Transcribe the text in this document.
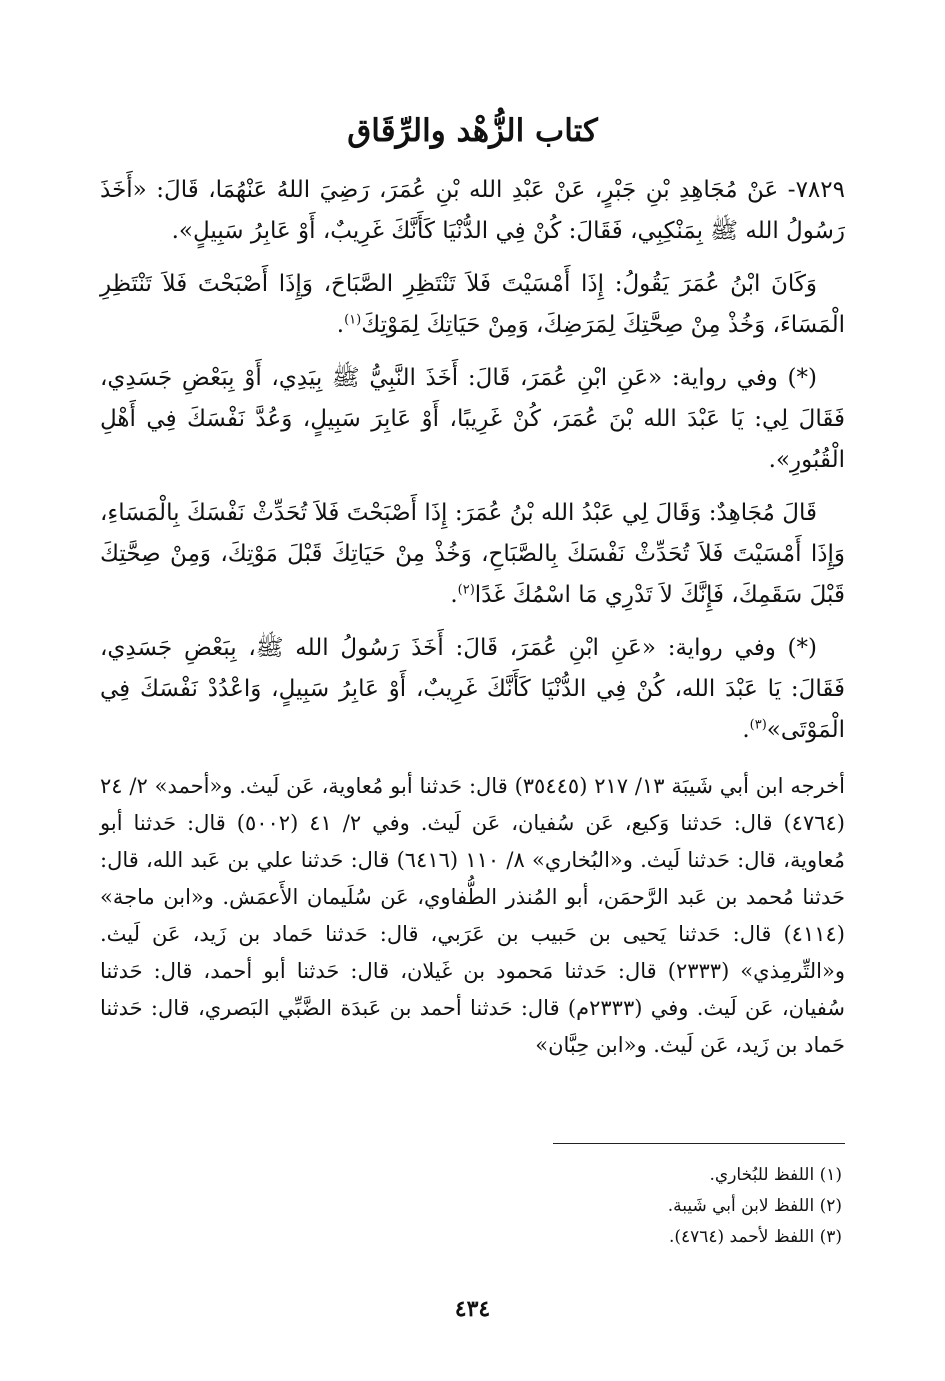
كتاب الزُّهْد والرِّقَاق

٧٨٢٩- عَنْ مُجَاهِدِ بْنِ جَبْرٍ، عَنْ عَبْدِ الله بْنِ عُمَرَ، رَضِيَ اللهُ عَنْهُمَا، قَالَ: «أَخَذَ رَسُولُ الله ﷺ بِمَنْكِبِي، فَقَالَ: كُنْ فِي الدُّنْيَا كَأَنَّكَ غَرِيبٌ، أَوْ عَابِرُ سَبِيلٍ».

وَكَانَ ابْنُ عُمَرَ يَقُولُ: إِذَا أَمْسَيْتَ فَلاَ تَنْتَظِرِ الصَّبَاحَ، وَإِذَا أَصْبَحْتَ فَلاَ تَنْتَظِرِ الْمَسَاءَ، وَخُذْ مِنْ صِحَّتِكَ لِمَرَضِكَ، وَمِنْ حَيَاتِكَ لِمَوْتِكَ$^{(١)}$.

(*) وفي رواية: «عَنِ ابْنِ عُمَرَ، قَالَ: أَخَذَ النَّبِيُّ ﷺ بِيَدِي، أَوْ بِبَعْضِ جَسَدِي، فَقَالَ لِي: يَا عَبْدَ الله بْنَ عُمَرَ، كُنْ غَرِيبًا، أَوْ عَابِرَ سَبِيلٍ، وَعُدَّ نَفْسَكَ فِي أَهْلِ الْقُبُورِ».

قَالَ مُجَاهِدٌ: وَقَالَ لِي عَبْدُ الله بْنُ عُمَرَ: إِذَا أَصْبَحْتَ فَلاَ تُحَدِّثْ نَفْسَكَ بِالْمَسَاءِ، وَإِذَا أَمْسَيْتَ فَلاَ تُحَدِّثْ نَفْسَكَ بِالصَّبَاحِ، وَخُذْ مِنْ حَيَاتِكَ قَبْلَ مَوْتِكَ، وَمِنْ صِحَّتِكَ قَبْلَ سَقَمِكَ، فَإِنَّكَ لاَ تَدْرِي مَا اسْمُكَ غَدًا$^{(٢)}$.

(*) وفي رواية: «عَنِ ابْنِ عُمَرَ، قَالَ: أَخَذَ رَسُولُ الله ﷺ، بِبَعْضِ جَسَدِي، فَقَالَ: يَا عَبْدَ الله، كُنْ فِي الدُّنْيَا كَأَنَّكَ غَرِيبٌ، أَوْ عَابِرُ سَبِيلٍ، وَاعْدُدْ نَفْسَكَ فِي الْمَوْتَى»$^{(٣)}$.

أخرجه ابن أبي شَيبَة ١٣/ ٢١٧ (٣٥٤٤٥) قال: حَدثنا أبو مُعاوية، عَن لَيث. و«أحمد» ٢/ ٢٤ (٤٧٦٤) قال: حَدثنا وَكيع، عَن سُفيان، عَن لَيث. وفي ٢/ ٤١ (٥٠٠٢) قال: حَدثنا أبو مُعاوية، قال: حَدثنا لَيث. و«البُخاري» ٨/ ١١٠ (٦٤١٦) قال: حَدثنا علي بن عَبد الله، قال: حَدثنا مُحمد بن عَبد الرَّحمَن، أبو المُنذر الطُّفاوي، عَن سُلَيمان الأَعمَش. و«ابن ماجة» (٤١١٤) قال: حَدثنا يَحيى بن حَبيب بن عَرَبي، قال: حَدثنا حَماد بن زَيد، عَن لَيث. و«التِّرمِذي» (٢٣٣٣) قال: حَدثنا مَحمود بن غَيلان، قال: حَدثنا أبو أحمد، قال: حَدثنا سُفيان، عَن لَيث. وفي (٢٣٣٣م) قال: حَدثنا أحمد بن عَبدَة الضَّبِّي البَصري، قال: حَدثنا حَماد بن زَيد، عَن لَيث. و«ابن حِبَّان»

(١) اللفظ للبُخاري.
(٢) اللفظ لابن أبي شَيبة.
(٣) اللفظ لأحمد (٤٧٦٤).
٤٣٤
